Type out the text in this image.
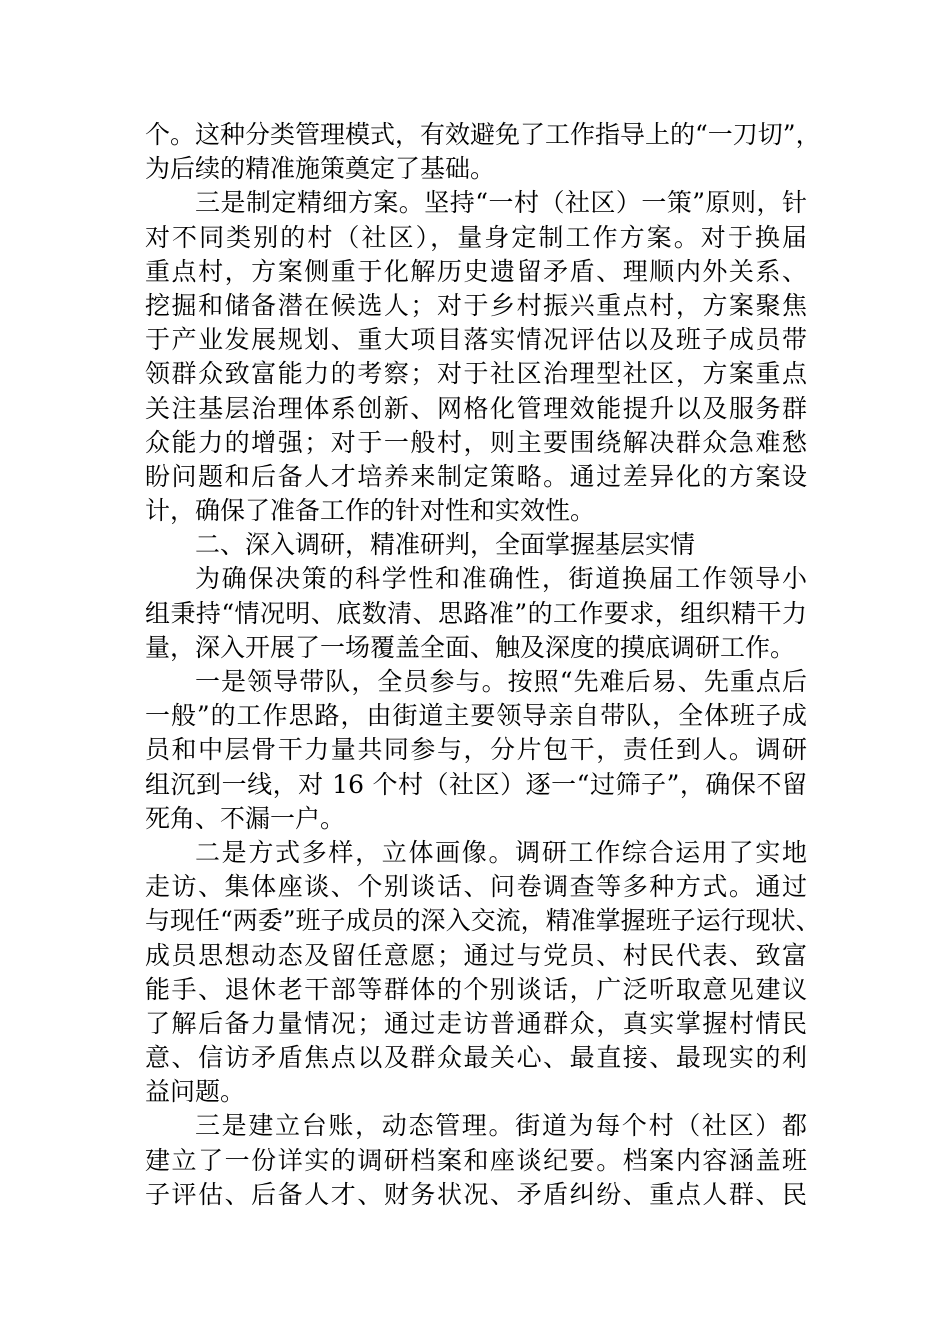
个。这种分类管理模式，有效避免了工作指导上的“一刀切”，
为后续的精准施策奠定了基础。
三是制定精细方案。坚持“一村（社区）一策”原则，针
对不同类别的村（社区），量身定制工作方案。对于换届
重点村，方案侧重于化解历史遗留矛盾、理顺内外关系、
挖掘和储备潜在候选人；对于乡村振兴重点村，方案聚焦
于产业发展规划、重大项目落实情况评估以及班子成员带
领群众致富能力的考察；对于社区治理型社区，方案重点
关注基层治理体系创新、网格化管理效能提升以及服务群
众能力的增强；对于一般村，则主要围绕解决群众急难愁
盼问题和后备人才培养来制定策略。通过差异化的方案设
计，确保了准备工作的针对性和实效性。
二、深入调研，精准研判，全面掌握基层实情
为确保决策的科学性和准确性，街道换届工作领导小
组秉持“情况明、底数清、思路准”的工作要求，组织精干力
量，深入开展了一场覆盖全面、触及深度的摸底调研工作。
一是领导带队，全员参与。按照“先难后易、先重点后
一般”的工作思路，由街道主要领导亲自带队，全体班子成
员和中层骨干力量共同参与，分片包干，责任到人。调研
组沉到一线，对 16 个村（社区）逐一“过筛子”，确保不留
死角、不漏一户。
二是方式多样，立体画像。调研工作综合运用了实地
走访、集体座谈、个别谈话、问卷调查等多种方式。通过
与现任“两委”班子成员的深入交流，精准掌握班子运行现状、
成员思想动态及留任意愿；通过与党员、村民代表、致富
能手、退休老干部等群体的个别谈话，广泛听取意见建议
了解后备力量情况；通过走访普通群众，真实掌握村情民
意、信访矛盾焦点以及群众最关心、最直接、最现实的利
益问题。
三是建立台账，动态管理。街道为每个村（社区）都
建立了一份详实的调研档案和座谈纪要。档案内容涵盖班
子评估、后备人才、财务状况、矛盾纠纷、重点人群、民
